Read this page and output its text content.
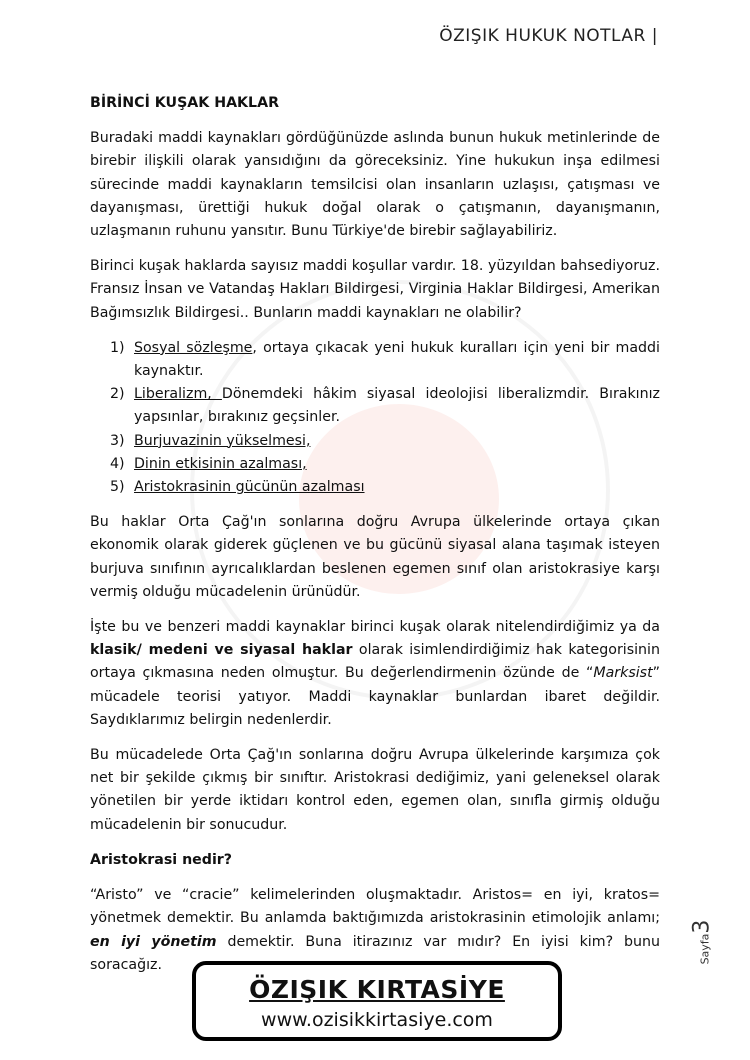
ÖZIŞIK HUKUK NOTLAR |

BİRİNCİ KUŞAK HAKLAR

Buradaki maddi kaynakları gördüğünüzde aslında bunun hukuk metinlerinde de birebir ilişkili olarak yansıdığını da göreceksiniz. Yine hukukun inşa edilmesi sürecinde maddi kaynakların temsilcisi olan insanların uzlaşısı, çatışması ve dayanışması, ürettiği hukuk doğal olarak o çatışmanın, dayanışmanın, uzlaşmanın ruhunu yansıtır. Bunu Türkiye'de birebir sağlayabiliriz.

Birinci kuşak haklarda sayısız maddi koşullar vardır. 18. yüzyıldan bahsediyoruz. Fransız İnsan ve Vatandaş Hakları Bildirgesi, Virginia Haklar Bildirgesi, Amerikan Bağımsızlık Bildirgesi.. Bunların maddi kaynakları ne olabilir?

1) Sosyal sözleşme, ortaya çıkacak yeni hukuk kuralları için yeni bir maddi kaynaktır.
2) Liberalizm, Dönemdeki hâkim siyasal ideolojisi liberalizmdir. Bırakınız yapsınlar, bırakınız geçsinler.
3) Burjuvazinin yükselmesi,
4) Dinin etkisinin azalması,
5) Aristokrasinin gücünün azalması

Bu haklar Orta Çağ'ın sonlarına doğru Avrupa ülkelerinde ortaya çıkan ekonomik olarak giderek güçlenen ve bu gücünü siyasal alana taşımak isteyen burjuva sınıfının ayrıcalıklardan beslenen egemen sınıf olan aristokrasiye karşı vermiş olduğu mücadelenin ürünüdür.

İşte bu ve benzeri maddi kaynaklar birinci kuşak olarak nitelendirdiğimiz ya da klasik/ medeni ve siyasal haklar olarak isimlendirdiğimiz hak kategorisinin ortaya çıkmasına neden olmuştur. Bu değerlendirmenin özünde de “Marksist” mücadele teorisi yatıyor. Maddi kaynaklar bunlardan ibaret değildir. Saydıklarımız belirgin nedenlerdir.

Bu mücadelede Orta Çağ'ın sonlarına doğru Avrupa ülkelerinde karşımıza çok net bir şekilde çıkmış bir sınıftır. Aristokrasi dediğimiz, yani geleneksel olarak yönetilen bir yerde iktidarı kontrol eden, egemen olan, sınıfla girmiş olduğu mücadelenin bir sonucudur.

Aristokrasi nedir?

“Aristo” ve “cracie” kelimelerinden oluşmaktadır. Aristos= en iyi, kratos= yönetmek demektir. Bu anlamda baktığımızda aristokrasinin etimolojik anlamı; en iyi yönetim demektir. Buna itirazınız var mıdır? En iyisi kim? bunu soracağız.

Sayfa3
ÖZIŞIK KIRTASİYE
www.ozisikkirtasiye.com
